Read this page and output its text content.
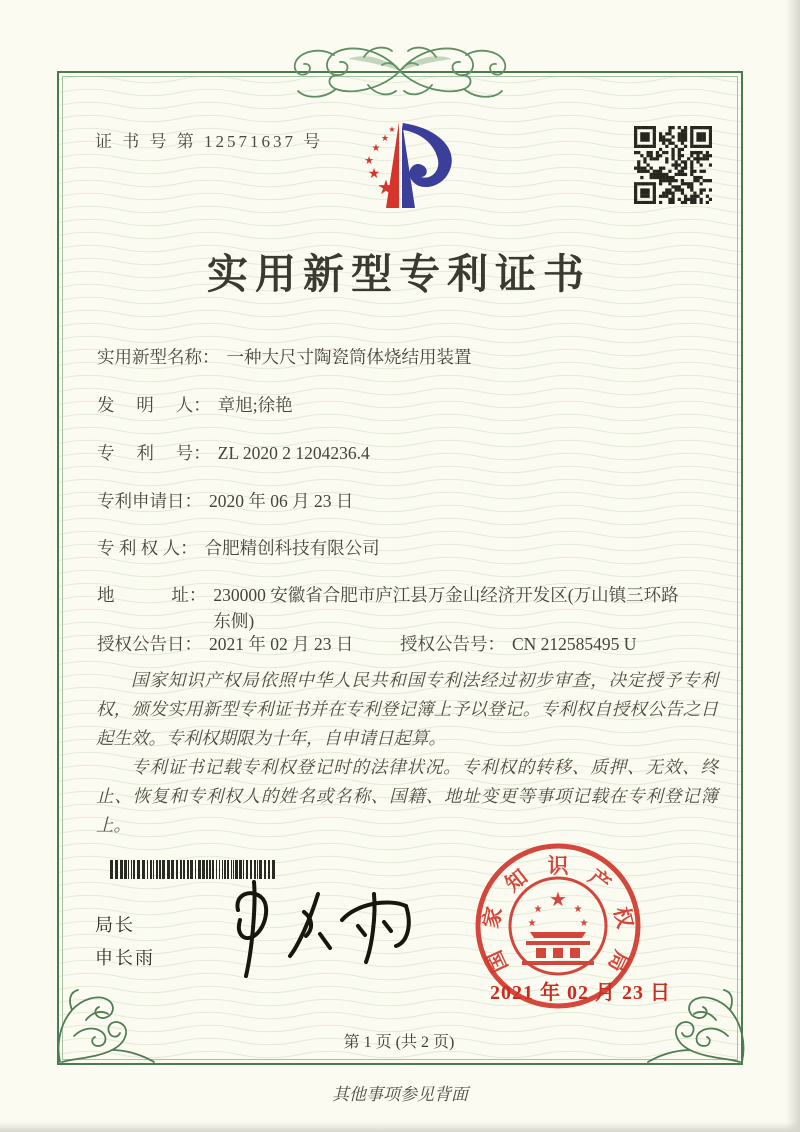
证 书 号 第 12571637 号
★
★
★
★
★
★
实用新型专利证书
实用新型名称： 一种大尺寸陶瓷筒体烧结用装置
发　 明　 人： 章旭;徐艳
专　 利　 号： ZL 2020 2 1204236.4
专利申请日： 2020 年 06 月 23 日
专 利 权 人： 合肥精创科技有限公司
地　　　 址： 230000 安徽省合肥市庐江县万金山经济开发区(万山镇三环路东侧)
授权公告日： 2021 年 02 月 23 日	授权公告号： CN 212585495 U

国家知识产权局依照中华人民共和国专利法经过初步审查，决定授予专利权，颁发实用新型专利证书并在专利登记簿上予以登记。专利权自授权公告之日起生效。专利权期限为十年，自申请日起算。

专利证书记载专利权登记时的法律状况。专利权的转移、质押、无效、终止、恢复和专利权人的姓名或名称、国籍、地址变更等事项记载在专利登记簿上。

局长
申长雨
★
★	★
★	★
国
家
知 识 产
权
局
2021 年 02 月 23 日
第 1 页 (共 2 页)
其他事项参见背面
